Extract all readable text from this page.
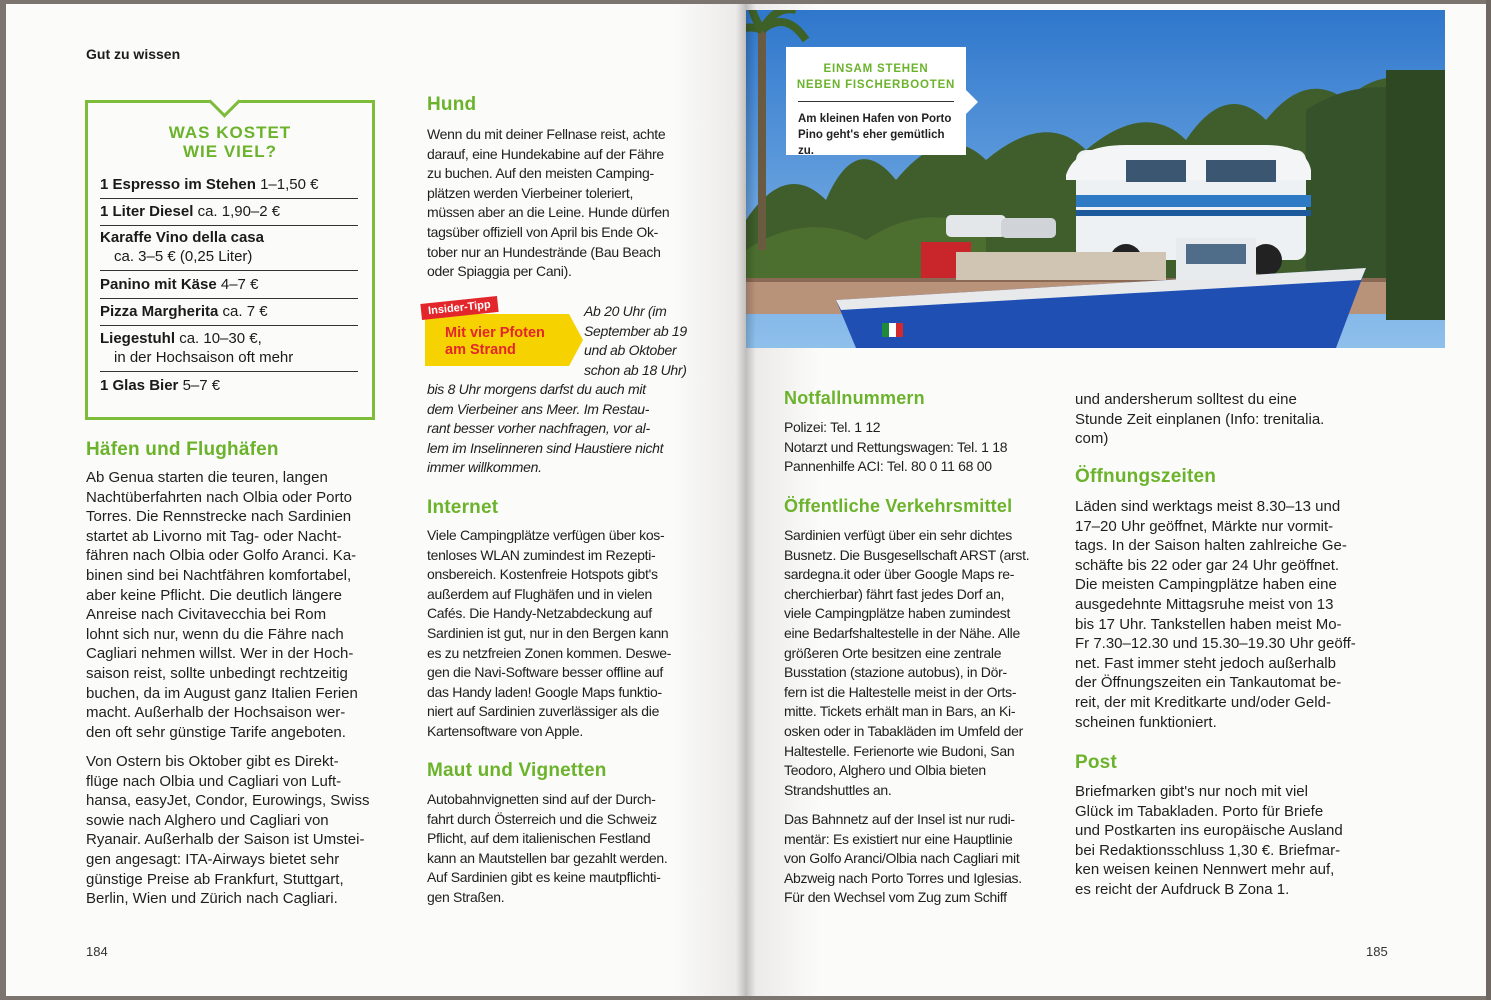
Gut zu wissen
WAS KOSTET
WIE VIEL?
1 Espresso im Stehen 1–1,50 €
1 Liter Diesel ca. 1,90–2 €
Karaffe Vino della casa
ca. 3–5 € (0,25 Liter)
Panino mit Käse 4–7 €
Pizza Margherita ca. 7 €
Liegestuhl ca. 10–30 €,
in der Hochsaison oft mehr
1 Glas Bier 5–7 €
Häfen und Flughäfen
Ab Genua starten die teuren, langen
Nachtüberfahrten nach Olbia oder Porto
Torres. Die Rennstrecke nach Sardinien
startet ab Livorno mit Tag- oder Nacht-
fähren nach Olbia oder Golfo Aranci. Ka-
binen sind bei Nachtfähren komfortabel,
aber keine Pflicht. Die deutlich längere
Anreise nach Civitavecchia bei Rom
lohnt sich nur, wenn du die Fähre nach
Cagliari nehmen willst. Wer in der Hoch-
saison reist, sollte unbedingt rechtzeitig
buchen, da im August ganz Italien Ferien
macht. Außerhalb der Hochsaison wer-
den oft sehr günstige Tarife angeboten.
Von Ostern bis Oktober gibt es Direkt-
flüge nach Olbia und Cagliari von Luft-
hansa, easyJet, Condor, Eurowings, Swiss
sowie nach Alghero und Cagliari von
Ryanair. Außerhalb der Saison ist Umstei-
gen angesagt: ITA-Airways bietet sehr
günstige Preise ab Frankfurt, Stuttgart,
Berlin, Wien und Zürich nach Cagliari.
Hund
Wenn du mit deiner Fellnase reist, achte
darauf, eine Hundekabine auf der Fähre
zu buchen. Auf den meisten Camping-
plätzen werden Vierbeiner toleriert,
müssen aber an die Leine. Hunde dürfen
tagsüber offiziell von April bis Ende Ok-
tober nur an Hundestrände (Bau Beach
oder Spiaggia per Cani).
Insider-Tipp
Mit vier Pfoten
am Strand
Ab 20 Uhr (im
September ab 19
und ab Oktober
schon ab 18 Uhr)
bis 8 Uhr morgens darfst du auch mit
dem Vierbeiner ans Meer. Im Restau-
rant besser vorher nachfragen, vor al-
lem im Inselinneren sind Haustiere nicht
immer willkommen.
Internet
Viele Campingplätze verfügen über kos-
tenloses WLAN zumindest im Rezepti-
onsbereich. Kostenfreie Hotspots gibt's
außerdem auf Flughäfen und in vielen
Cafés. Die Handy-Netzabdeckung auf
Sardinien ist gut, nur in den Bergen kann
es zu netzfreien Zonen kommen. Deswe-
gen die Navi-Software besser offline auf
das Handy laden! Google Maps funktio-
niert auf Sardinien zuverlässiger als die
Kartensoftware von Apple.
Maut und Vignetten
Autobahnvignetten sind auf der Durch-
fahrt durch Österreich und die Schweiz
Pflicht, auf dem italienischen Festland
kann an Mautstellen bar gezahlt werden.
Auf Sardinien gibt es keine mautpflichti-
gen Straßen.
184
EINSAM STEHEN
NEBEN FISCHERBOOTEN
Am kleinen Hafen von Porto
Pino geht's eher gemütlich zu.
Notfallnummern
Polizei: Tel. 1 12
Notarzt und Rettungswagen: Tel. 1 18
Pannenhilfe ACI: Tel. 80 0 11 68 00
Öffentliche Verkehrsmittel
Sardinien verfügt über ein sehr dichtes
Busnetz. Die Busgesellschaft ARST (arst.
sardegna.it oder über Google Maps re-
cherchierbar) fährt fast jedes Dorf an,
viele Campingplätze haben zumindest
eine Bedarfshaltestelle in der Nähe. Alle
größeren Orte besitzen eine zentrale
Busstation (stazione autobus), in Dör-
fern ist die Haltestelle meist in der Orts-
mitte. Tickets erhält man in Bars, an Ki-
osken oder in Tabakläden im Umfeld der
Haltestelle. Ferienorte wie Budoni, San
Teodoro, Alghero und Olbia bieten
Strandshuttles an.
Das Bahnnetz auf der Insel ist nur rudi-
mentär: Es existiert nur eine Hauptlinie
von Golfo Aranci/Olbia nach Cagliari mit
Abzweig nach Porto Torres und Iglesias.
Für den Wechsel vom Zug zum Schiff
und andersherum solltest du eine
Stunde Zeit einplanen (Info: trenitalia.
com)
Öffnungszeiten
Läden sind werktags meist 8.30–13 und
17–20 Uhr geöffnet, Märkte nur vormit-
tags. In der Saison halten zahlreiche Ge-
schäfte bis 22 oder gar 24 Uhr geöffnet.
Die meisten Campingplätze haben eine
ausgedehnte Mittagsruhe meist von 13
bis 17 Uhr. Tankstellen haben meist Mo-
Fr 7.30–12.30 und 15.30–19.30 Uhr geöff-
net. Fast immer steht jedoch außerhalb
der Öffnungszeiten ein Tankautomat be-
reit, der mit Kreditkarte und/oder Geld-
scheinen funktioniert.
Post
Briefmarken gibt's nur noch mit viel
Glück im Tabakladen. Porto für Briefe
und Postkarten ins europäische Ausland
bei Redaktionsschluss 1,30 €. Briefmar-
ken weisen keinen Nennwert mehr auf,
es reicht der Aufdruck B Zona 1.
185
